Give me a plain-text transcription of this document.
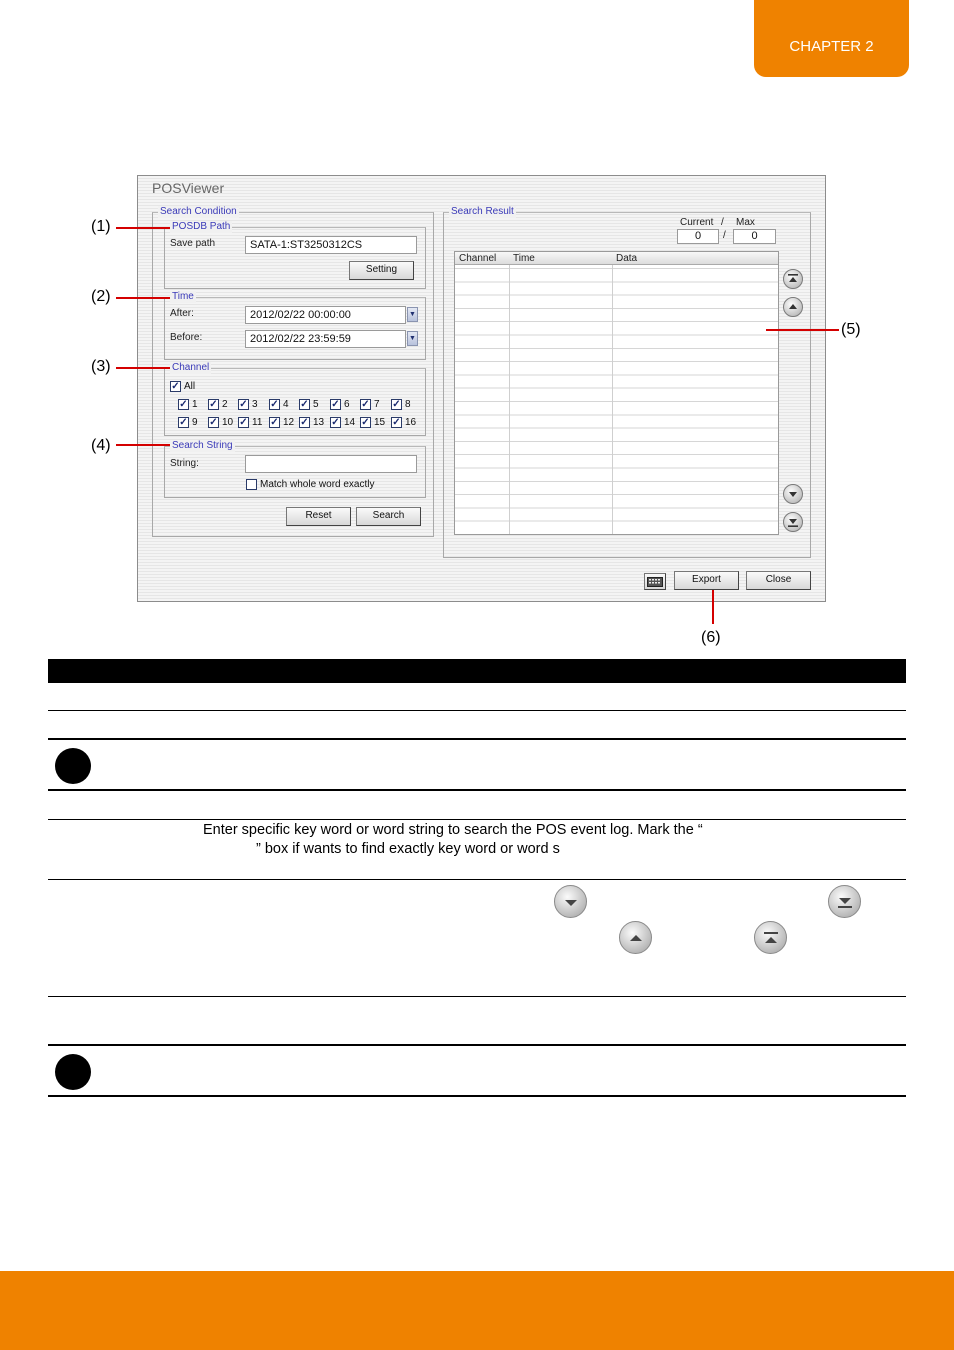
CHAPTER 2
POSViewer
Search Condition
POSDB Path
Save path	SATA-1:ST3250312CS
Setting
Time
After:	2012/02/22 00:00:00	▼
Before:	2012/02/22 23:59:59	▼
Channel
✓ All
✓ 1 ✓ 2 ✓ 3 ✓ 4 ✓ 5 ✓ 6 ✓ 7 ✓ 8
✓ 9 ✓ 10 ✓ 11 ✓ 12 ✓ 13 ✓ 14 ✓ 15 ✓ 16
Search String
String:
Match whole word exactly
Reset	Search
Search Result
Current / Max
0	/	0
Channel Time	Data
Export	Close
(1)
(2)
(3)
(4)
(5)
(6)
Enter specific key word or word string to search the POS event log. Mark the “
” box if wants to find exactly key word or word s
